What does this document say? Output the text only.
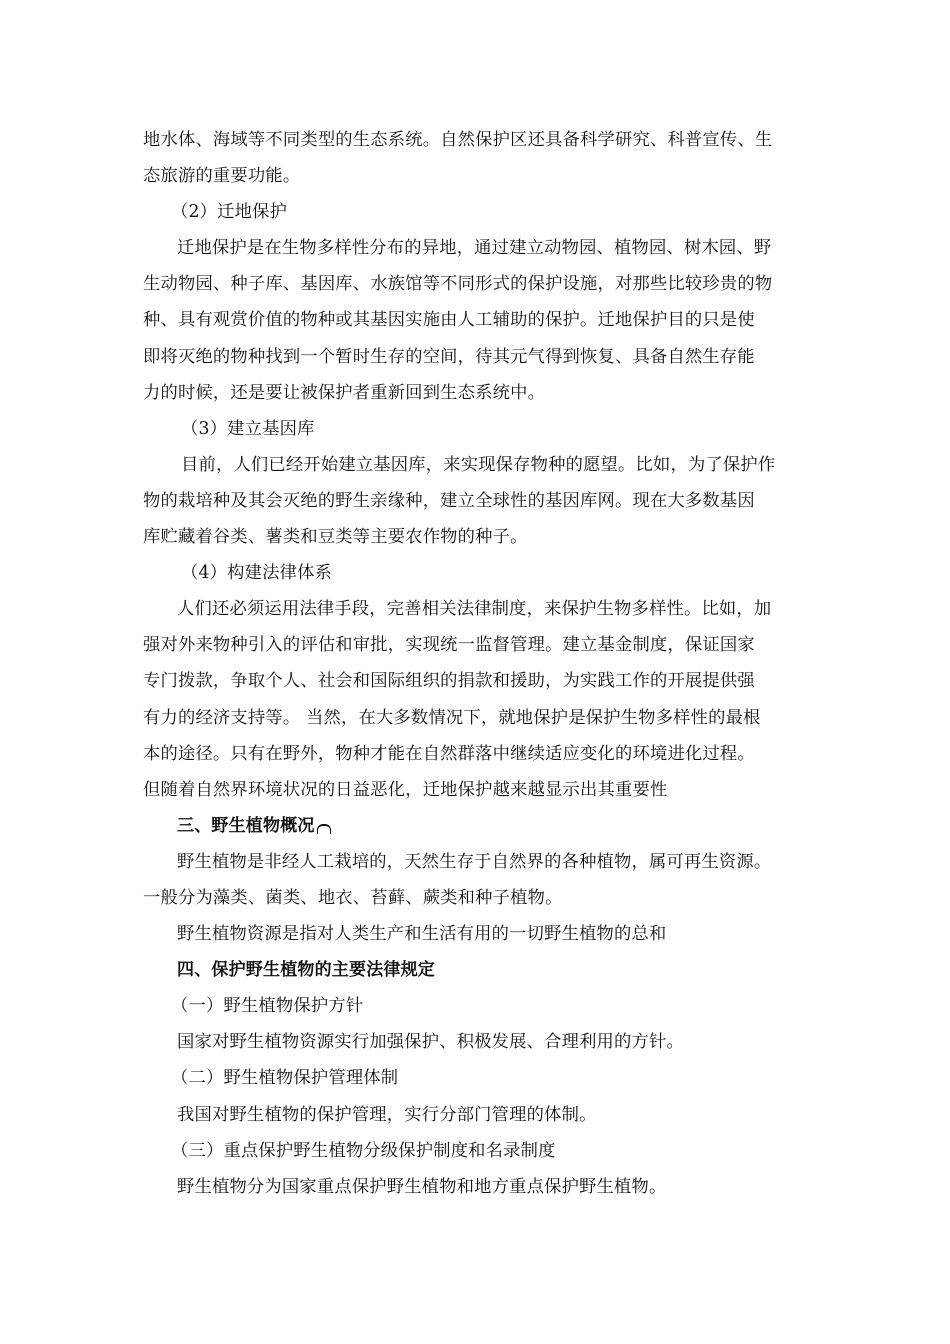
地水体、海域等不同类型的生态系统。自然保护区还具备科学研究、科普宣传、生
态旅游的重要功能。
（2）迁地保护
迁地保护是在生物多样性分布的异地，通过建立动物园、植物园、树木园、野
生动物园、种子库、基因库、水族馆等不同形式的保护设施，对那些比较珍贵的物
种、具有观赏价值的物种或其基因实施由人工辅助的保护。迁地保护目的只是使
即将灭绝的物种找到一个暂时生存的空间，待其元气得到恢复、具备自然生存能
力的时候，还是要让被保护者重新回到生态系统中。
（3）建立基因库
目前，人们已经开始建立基因库，来实现保存物种的愿望。比如，为了保护作
物的栽培种及其会灭绝的野生亲缘种，建立全球性的基因库网。现在大多数基因
库贮藏着谷类、薯类和豆类等主要农作物的种子。
（4）构建法律体系
人们还必须运用法律手段，完善相关法律制度，来保护生物多样性。比如，加
强对外来物种引入的评估和审批，实现统一监督管理。建立基金制度，保证国家
专门拨款，争取个人、社会和国际组织的捐款和援助，为实践工作的开展提供强
有力的经济支持等。 当然，在大多数情况下，就地保护是保护生物多样性的最根
本的途径。只有在野外，物种才能在自然群落中继续适应变化的环境进化过程。
但随着自然界环境状况的日益恶化，迁地保护越来越显示出其重要性
三、野生植物概况
野生植物是非经人工栽培的，天然生存于自然界的各种植物，属可再生资源。
一般分为藻类、菌类、地衣、苔藓、蕨类和种子植物。
野生植物资源是指对人类生产和生活有用的一切野生植物的总和
四、保护野生植物的主要法律规定
（一）野生植物保护方针
国家对野生植物资源实行加强保护、积极发展、合理利用的方针。
（二）野生植物保护管理体制
我国对野生植物的保护管理，实行分部门管理的体制。
（三）重点保护野生植物分级保护制度和名录制度
野生植物分为国家重点保护野生植物和地方重点保护野生植物。
